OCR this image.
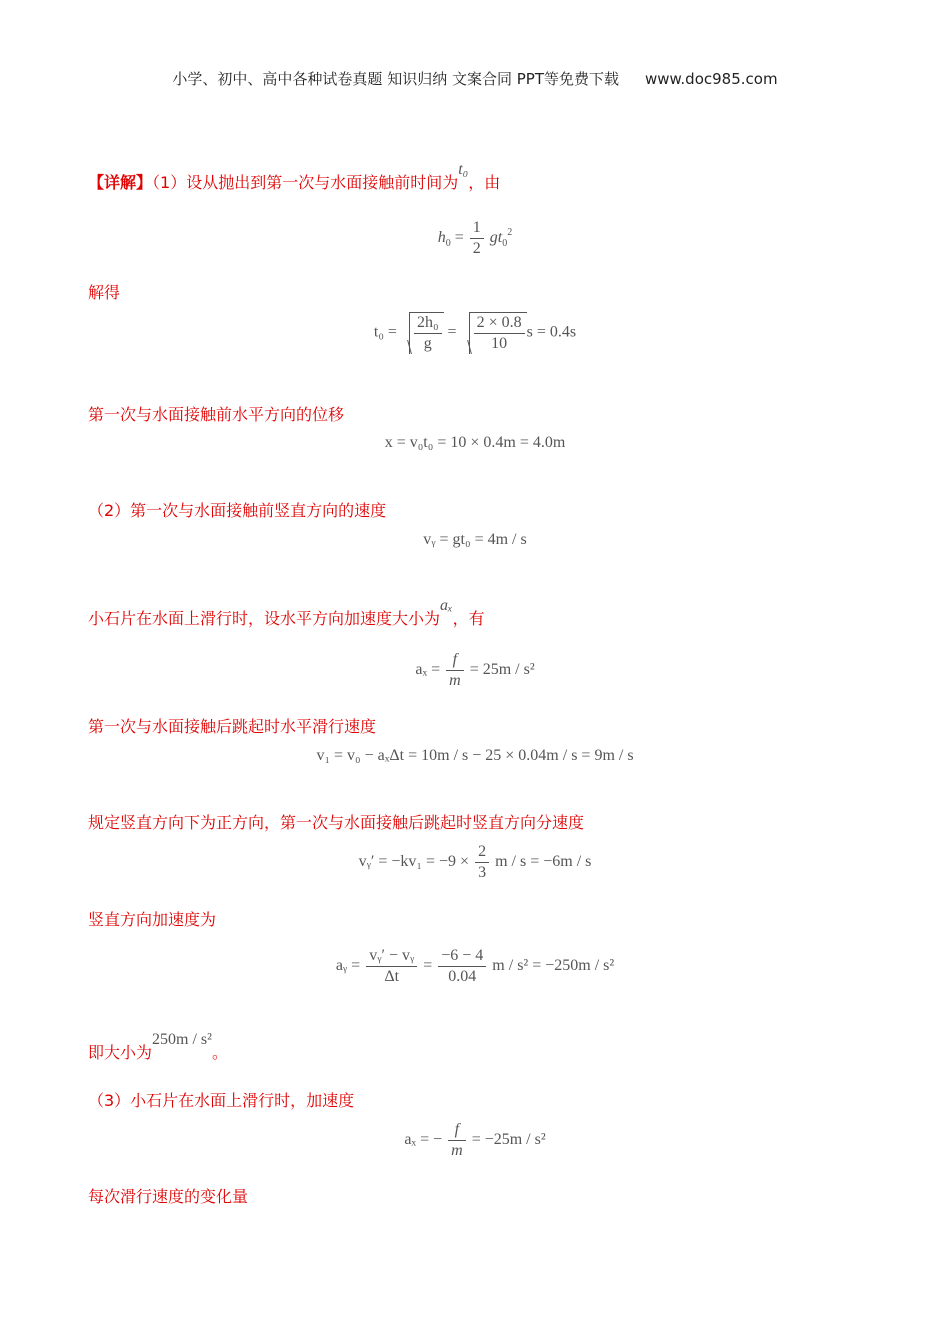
小学、初中、高中各种试卷真题 知识归纳 文案合同 PPT等免费下载 www.doc985.com
【详解】（1）设从抛出到第一次与水面接触前时间为t₀，由
$h_0 = \frac{1}{2} gt_0^2$
解得
$t_0 = \frac{\text{2h₀}}{g} = \frac{2 \times 0.8}{10}$ s = 0.4s
第一次与水面接触前水平方向的位移
x = v₀t₀ = 10 × 0.4m = 4.0m
（2）第一次与水面接触前竖直方向的速度
vᵧ = gt₀ = 4m / s
小石片在水面上滑行时，设水平方向加速度大小为aₓ，有
$a_x = \frac{f}{m} = 25m / s^2$
第一次与水面接触后跳起时水平滑行速度
v₁ = v₀ − aₓΔt = 10m / s − 25 × 0.04m / s = 9m / s
规定竖直方向下为正方向，第一次与水面接触后跳起时竖直方向分速度
vᵧ′ = $-kv_1 = -9 \times \frac{2}{3}$ m / s = −6m / s
竖直方向加速度为
aᵧ = $\frac{\text{vᵧ′ − vᵧ}}{\Delta t} = \frac{-6 - 4}{0.04}$ m / s² = −250m / s²
即大小为250m / s²。
（3）小石片在水面上滑行时，加速度
aₓ = − $\frac{f}{m} = -25m / s^2$
每次滑行速度的变化量
